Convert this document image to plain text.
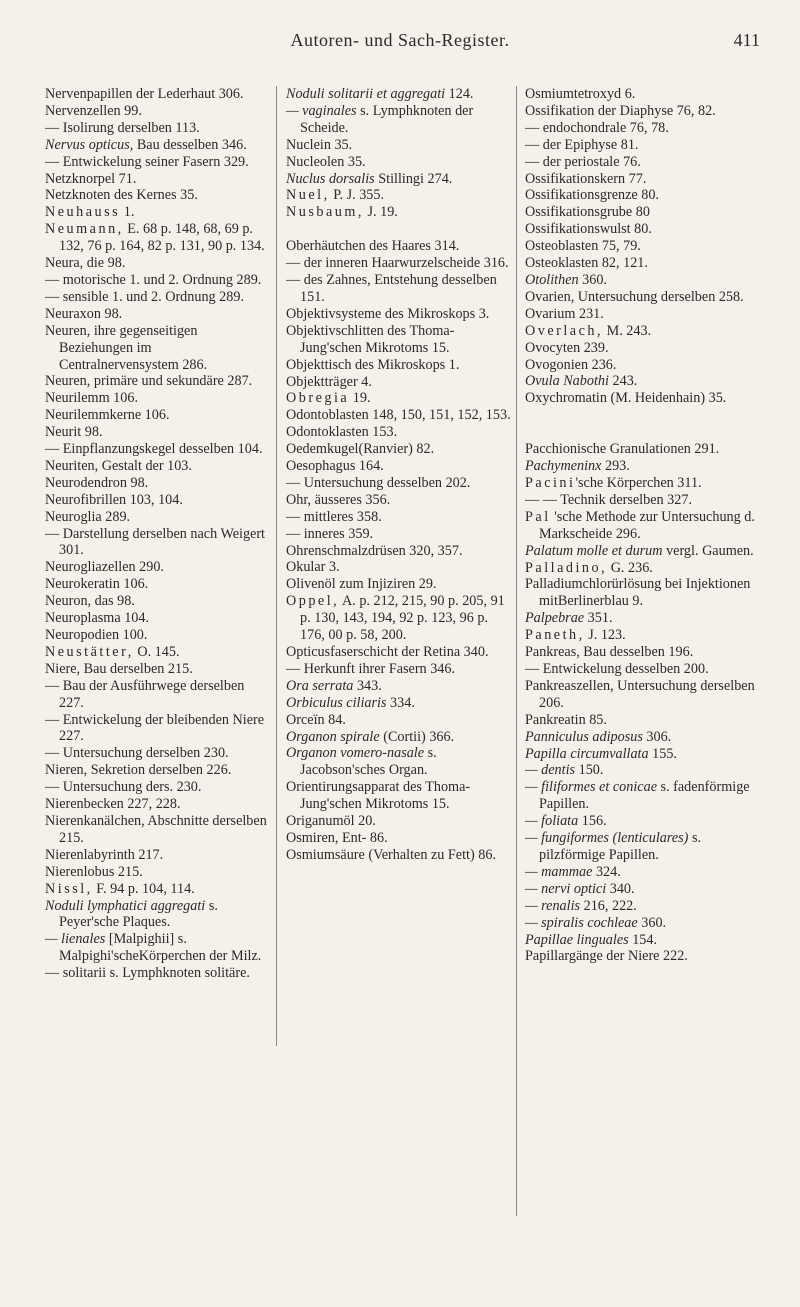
Autoren- und Sach-Register.	411
Nervenpapillen der Lederhaut 306.
Nervenzellen 99.
— Isolirung derselben 113.
Nervus opticus, Bau desselben 346.
— Entwickelung seiner Fasern 329.
Netzknorpel 71.
Netzknoten des Kernes 35.
Neuhauss 1.
Neumann, E. 68 p. 148, 68, 69 p. 132, 76 p. 164, 82 p. 131, 90 p. 134.
Neura, die 98.
— motorische 1. und 2. Ordnung 289.
— sensible 1. und 2. Ordnung 289.
Neuraxon 98.
Neuren, ihre gegenseitigen Beziehungen im Centralnervensystem 286.
Neuren, primäre und sekundäre 287.
Neurilemm 106.
Neurilemmkerne 106.
Neurit 98.
— Einpflanzungskegel desselben 104.
Neuriten, Gestalt der 103.
Neurodendron 98.
Neurofibrillen 103, 104.
Neuroglia 289.
— Darstellung derselben nach Weigert 301.
Neurogliazellen 290.
Neurokeratin 106.
Neuron, das 98.
Neuroplasma 104.
Neuropodien 100.
Neustätter, O. 145.
Niere, Bau derselben 215.
— Bau der Ausführwege derselben 227.
— Entwickelung der bleibenden Niere 227.
— Untersuchung derselben 230.
Nieren, Sekretion derselben 226.
— Untersuchung ders. 230.
Nierenbecken 227, 228.
Nierenkanälchen, Abschnitte derselben 215.
Nierenlabyrinth 217.
Nierenlobus 215.
Nissl, F. 94 p. 104, 114.
Noduli lymphatici aggregati s. Peyer'sche Plaques.
— lienales [Malpighii] s. Malpighi'scheKörperchen der Milz.
— solitarii s. Lymphknoten solitäre.
Noduli solitarii et aggregati 124.
— vaginales s. Lymphknoten der Scheide.
Nuclein 35.
Nucleolen 35.
Nuclus dorsalis Stillingi 274.
Nuel, P. J. 355.
Nusbaum, J. 19.
Oberhäutchen des Haares 314.
— der inneren Haarwurzelscheide 316.
— des Zahnes, Entstehung desselben 151.
Objektivsysteme des Mikroskops 3.
Objektivschlitten des Thoma-Jung'schen Mikrotoms 15.
Objekttisch des Mikroskops 1.
Objektträger 4.
Obregia 19.
Odontoblasten 148, 150, 151, 152, 153.
Odontoklasten 153.
Oedemkugel(Ranvier) 82.
Oesophagus 164.
— Untersuchung desselben 202.
Ohr, äusseres 356.
— mittleres 358.
— inneres 359.
Ohrenschmalzdrüsen 320, 357.
Okular 3.
Olivenöl zum Injiziren 29.
Oppel, A. p. 212, 215, 90 p. 205, 91 p. 130, 143, 194, 92 p. 123, 96 p. 176, 00 p. 58, 200.
Opticusfaserschicht der Retina 340.
— Herkunft ihrer Fasern 346.
Ora serrata 343.
Orbiculus ciliaris 334.
Orceïn 84.
Organon spirale (Cortii) 366.
Organon vomero-nasale s. Jacobson'sches Organ.
Orientirungsapparat des Thoma-Jung'schen Mikrotoms 15.
Origanumöl 20.
Osmiren, Ent- 86.
Osmiumsäure (Verhalten zu Fett) 86.
Osmiumtetroxyd 6.
Ossifikation der Diaphyse 76, 82.
— endochondrale 76, 78.
— der Epiphyse 81.
— der periostale 76.
Ossifikationskern 77.
Ossifikationsgrenze 80.
Ossifikationsgrube 80
Ossifikationswulst 80.
Osteoblasten 75, 79.
Osteoklasten 82, 121.
Otolithen 360.
Ovarien, Untersuchung derselben 258.
Ovarium 231.
Overlach, M. 243.
Ovocyten 239.
Ovogonien 236.
Ovula Nabothi 243.
Oxychromatin (M. Heidenhain) 35.
Pacchionische Granulationen 291.
Pachymeninx 293.
Pacini'sche Körperchen 311.
— — Technik derselben 327.
Pal 'sche Methode zur Untersuchung d. Markscheide 296.
Palatum molle et durum vergl. Gaumen.
Palladino, G. 236.
Palladiumchlorürlösung bei Injektionen mitBerlinerblau 9.
Palpebrae 351.
Paneth, J. 123.
Pankreas, Bau desselben 196.
— Entwickelung desselben 200.
Pankreaszellen, Untersuchung derselben 206.
Pankreatin 85.
Panniculus adiposus 306.
Papilla circumvallata 155.
— dentis 150.
— filiformes et conicae s. fadenförmige Papillen.
— foliata 156.
— fungiformes (lenticulares) s. pilzförmige Papillen.
— mammae 324.
— nervi optici 340.
— renalis 216, 222.
— spiralis cochleae 360.
Papillae linguales 154.
Papillargänge der Niere 222.
